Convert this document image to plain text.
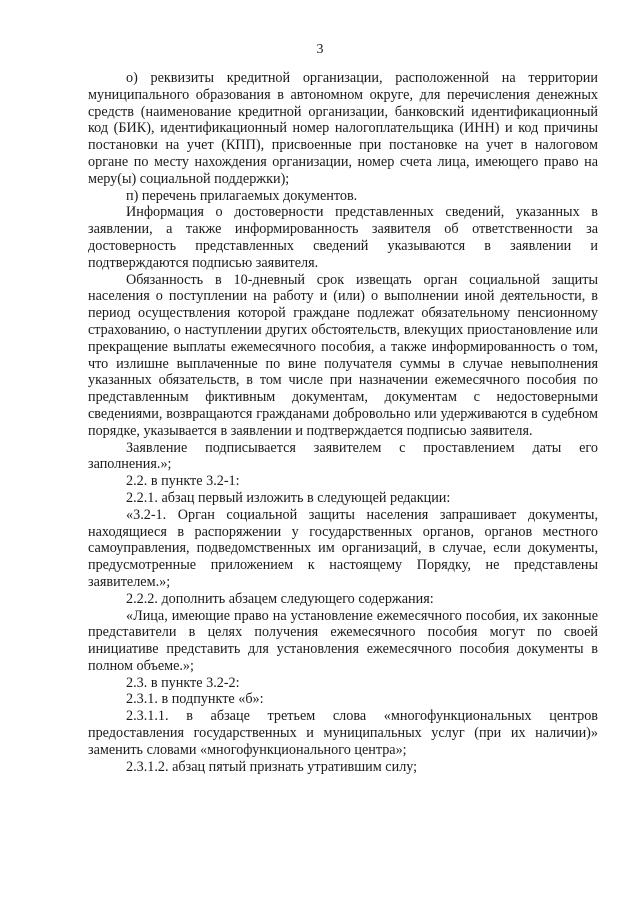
3

о) реквизиты кредитной организации, расположенной на территории муниципального образования в автономном округе, для перечисления денежных средств (наименование кредитной организации, банковский идентификационный код (БИК), идентификационный номер налогоплательщика (ИНН) и код причины постановки на учет (КПП), присвоенные при постановке на учет в налоговом органе по месту нахождения организации, номер счета лица, имеющего право на меру(ы) социальной поддержки);

п) перечень прилагаемых документов.

Информация о достоверности представленных сведений, указанных в заявлении, а также информированность заявителя об ответственности за достоверность представленных сведений указываются в заявлении и подтверждаются подписью заявителя.

Обязанность в 10-дневный срок извещать орган социальной защиты населения о поступлении на работу и (или) о выполнении иной деятельности, в период осуществления которой граждане подлежат обязательному пенсионному страхованию, о наступлении других обстоятельств, влекущих приостановление или прекращение выплаты ежемесячного пособия, а также информированность о том, что излишне выплаченные по вине получателя суммы в случае невыполнения указанных обязательств, в том числе при назначении ежемесячного пособия по представленным фиктивным документам, документам с недостоверными сведениями, возвращаются гражданами добровольно или удерживаются в судебном порядке, указывается в заявлении и подтверждается подписью заявителя.

Заявление подписывается заявителем с проставлением даты его заполнения.»;

2.2. в пункте 3.2-1:

2.2.1. абзац первый изложить в следующей редакции:

«3.2-1. Орган социальной защиты населения запрашивает документы, находящиеся в распоряжении у государственных органов, органов местного самоуправления, подведомственных им организаций, в случае, если документы, предусмотренные приложением к настоящему Порядку, не представлены заявителем.»;

2.2.2. дополнить абзацем следующего содержания:

«Лица, имеющие право на установление ежемесячного пособия, их законные представители в целях получения ежемесячного пособия могут по своей инициативе представить для установления ежемесячного пособия документы в полном объеме.»;

2.3. в пункте 3.2-2:

2.3.1. в подпункте «б»:

2.3.1.1. в абзаце третьем слова «многофункциональных центров предоставления государственных и муниципальных услуг (при их наличии)» заменить словами «многофункционального центра»;

2.3.1.2. абзац пятый признать утратившим силу;
